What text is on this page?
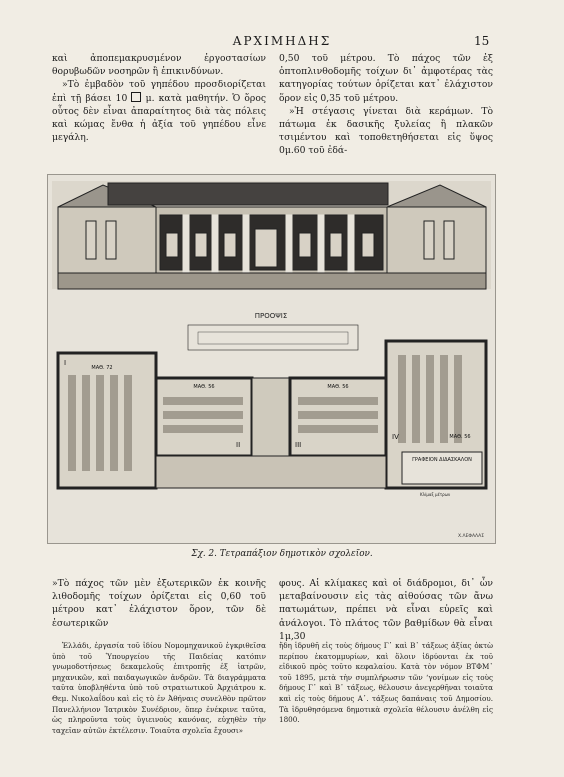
ΑΡΧΙΜΗΔΗΣ	15

καὶ ἀποπεμακρυσμένον ἐργοστασίων θορυβωδῶν νοσηρῶν ἢ ἐπικινδύνων.

»Τὸ ἐμβαδὸν τοῦ γηπέδου προσδιορίζεται ἐπὶ τῇ βάσει 10 μ. κατὰ μαθητήν. Ὁ ὅρος οὗτος δὲν εἶναι ἀπαραίτητος διὰ τὰς πόλεις καὶ κώμας ἔνθα ἡ ἀξία τοῦ γηπέδου εἶνε μεγάλη.

0,50 τοῦ μέτρου. Τὸ πάχος τῶν ἐξ ὀπτοπλινθοδομῆς τοίχων δι᾽ ἀμφοτέρας τὰς κατηγορίας τούτων ὁρίζεται κατ᾽ ἐλάχιστον ὅρον εἰς 0,35 τοῦ μέτρου.

»Ἡ στέγασις γίνεται διὰ κεράμων. Τὸ πάτωμα ἐκ δασικῆς ξυλείας ἢ πλακῶν τσιμέντου καὶ τοποθετηθήσεται εἰς ὕψος 0μ.60 τοῦ ἐδά-

ΠΡΟΟΨΙΣ
ΜΑΘ. 72
ΜΑΘ. 56	ΜΑΘ. 56
ΜΑΘ. 56
I
II	III
IV
ΓΡΑΦΕΙΟΝ ΔΙΔΑΣΚΑΛΟΝ
Κλίμαξ μέτρων
Χ.ΛΕΦΑΛΑΣ
Σχ. 2. Τετραπάξιον δημοτικὸν σχολεῖον.

»Τὸ πάχος τῶν μὲν ἐξωτερικῶν ἐκ κοινῆς λιθοδομῆς τοίχων ὁρίζεται εἰς 0,60 τοῦ μέτρου κατ᾽ ἐλάχιστον ὅρον, τῶν δὲ ἐσωτερικῶν

φους. Αἱ κλίμακες καὶ οἱ διάδρομοι, δι᾽ ὧν μεταβαίνουσιν εἰς τὰς αἰθούσας τῶν ἄνω πατωμάτων, πρέπει νὰ εἶναι εὐρεῖς καὶ ἀνάλογοι. Τὸ πλάτος τῶν βαθμίδων θὰ εἶναι 1μ,30

Ἑλλάδι, ἐργασία τοῦ ἰδίου Νομομηχανικοῦ ἐγκριθεῖσα ὑπὸ τοῦ Ὑπουργείου τῆς Παιδείας κατόπιν γνωμοδοτήσεως δεκαμελοῦς ἐπιτροπῆς ἐξ ἰατρῶν, μηχανικῶν, καὶ παιδαγωγικῶν ἀνδρῶν. Τὰ διαγράμματα ταῦτα ὑποβληθέντα ὑπὸ τοῦ στρατιωτικοῦ Ἀρχιάτρου κ. Θεμ. Νικολαΐδου καὶ εἰς τὸ ἐν Ἀθήναις συνελθὸν πρῶτον Πανελλήνιον Ἰατρικὸν Συνέδριον, ὅπερ ἐνέκρινε ταῦτα, ὡς πληροῦντα τοὺς ὑγιεινοὺς κανόνας, εὐχηθὲν τὴν ταχεῖαν αὐτῶν ἐκτέλεσιν. Τοιαῦτα σχολεῖα ἔχουσι»

ἤδη ἱδρυθῆ εἰς τοὺς δήμους Γ᾽ καὶ Β᾽ τάξεως ἀξίας ὀκτὼ περίπου ἑκατομμυρίων, καὶ ὅλοιν ἱδρύονται ἐκ τοῦ εἰδικοῦ πρὸς τοῦτο κεφαλαίου. Κατὰ τὸν νόμον ΒΤΦΜ᾽ τοῦ 1895, μετὰ τὴν συμπλήρωσιν τῶν ‘γονίμων εἰς τοὺς δήμους Γ᾽ καὶ Β᾽ τάξεως, θέλουσιν ἀνεγερθῆναι τοιαῦτα καὶ εἰς τοὺς δήμους Α᾽. τάξεως δαπάναις τοῦ Δημοσίου. Τὰ ἱδρυθησόμενα δημοτικὰ σχολεῖα θέλουσιν ἀνέλθη εἰς 1800.
